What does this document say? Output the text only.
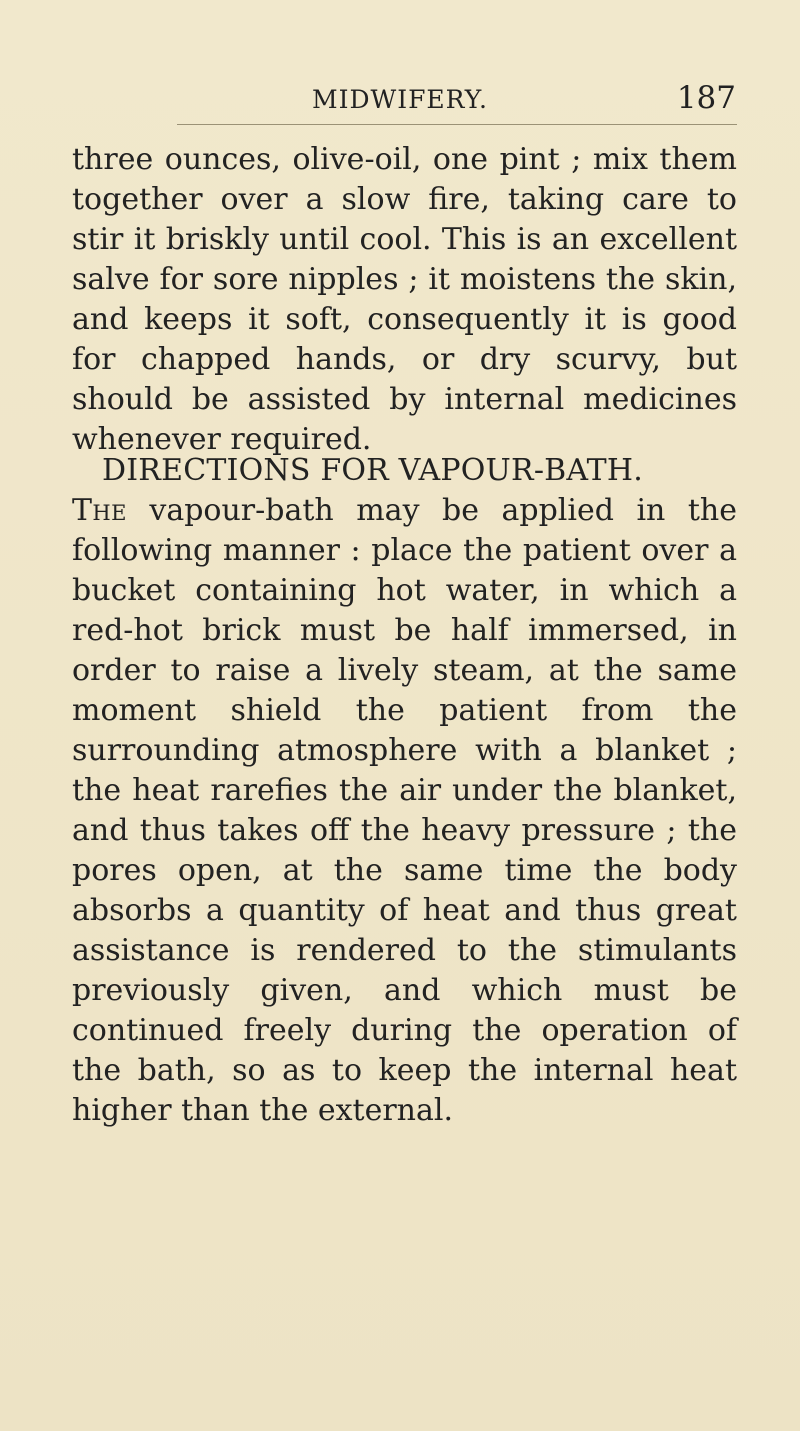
MIDWIFERY.	187

three ounces, olive-oil, one pint ; mix them together over a slow fire, taking care to stir it briskly until cool. This is an excellent salve for sore nipples ; it moistens the skin, and keeps it soft, consequently it is good for chapped hands, or dry scurvy, but should be assisted by internal medicines whenever required.

DIRECTIONS FOR VAPOUR-BATH.

The vapour-bath may be applied in the following manner : place the patient over a bucket containing hot water, in which a red-hot brick must be half immersed, in order to raise a lively steam, at the same moment shield the patient from the surrounding atmosphere with a blanket ; the heat rarefies the air under the blanket, and thus takes off the heavy pressure ; the pores open, at the same time the body absorbs a quantity of heat and thus great assistance is rendered to the stimulants previously given, and which must be continued freely during the operation of the bath, so as to keep the internal heat higher than the external.
